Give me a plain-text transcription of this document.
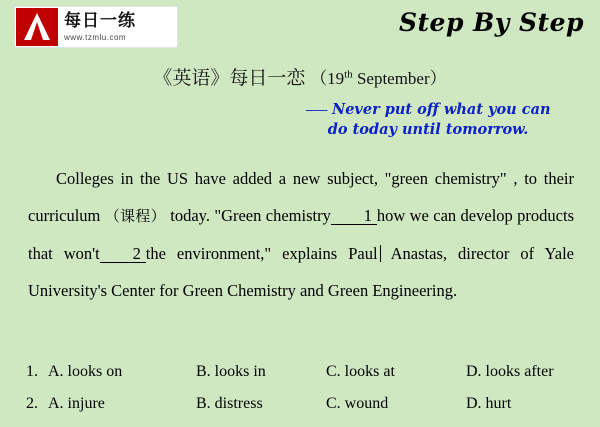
每日一练
www.tzmlu.com	Step By Step
《英语》每日一恋 （19th September）
------- Never put off what you can
do today until tomorrow.

Colleges in the US have added a new subject, "green chemistry" , to their curriculum （课程） today. "Green chemistry 1 how we can develop products that won't 2 the environment," explains Paul Anastas, director of Yale University's Center for Green Chemistry and Green Engineering.

1. A. looks on	B. looks in	C. looks at	D. looks after
2. A. injure	B. distress	C. wound	D. hurt
